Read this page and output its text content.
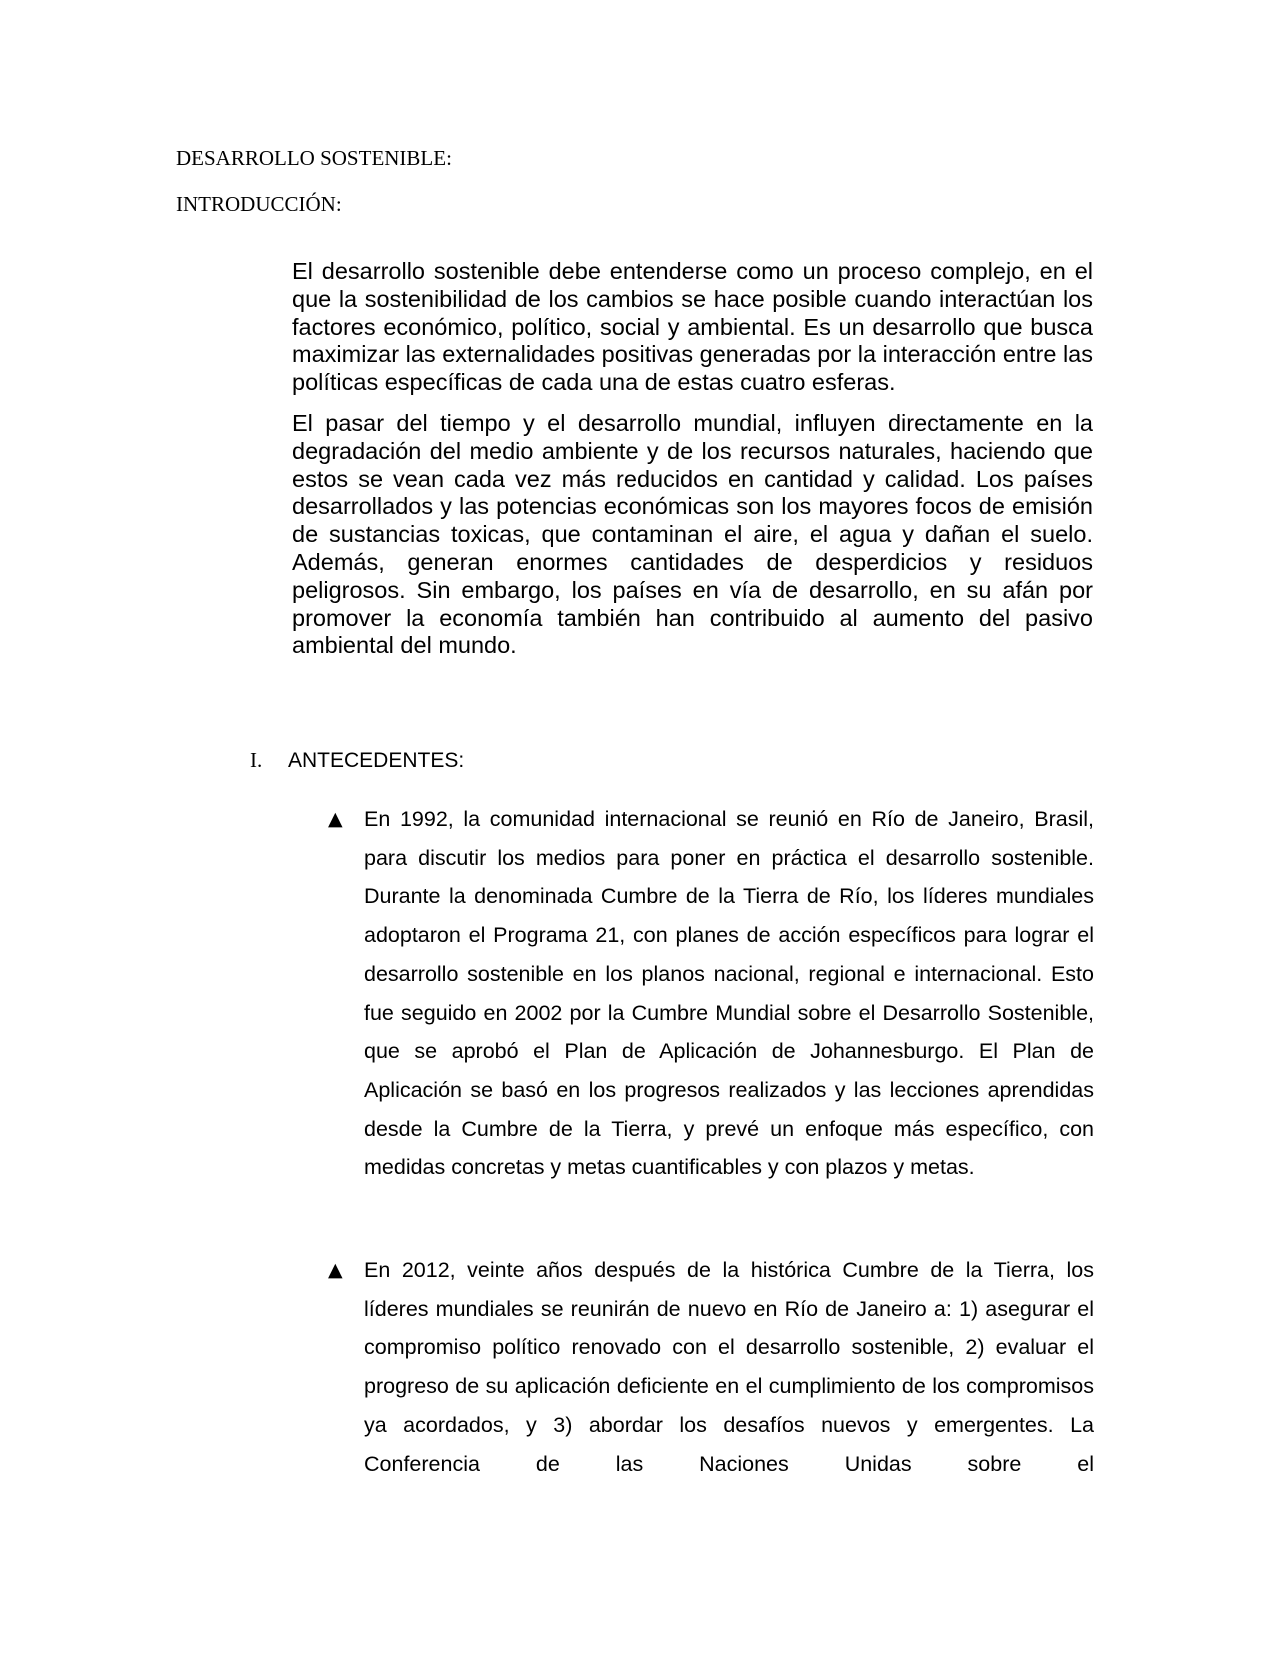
DESARROLLO SOSTENIBLE:
INTRODUCCIÓN:

El desarrollo sostenible debe entenderse como un proceso complejo, en el que la sostenibilidad de los cambios se hace posible cuando interactúan los factores económico, político, social y ambiental. Es un desarrollo que busca maximizar las externalidades positivas generadas por la interacción entre las políticas específicas de cada una de estas cuatro esferas.

El pasar del tiempo y el desarrollo mundial, influyen directamente en la degradación del medio ambiente y de los recursos naturales, haciendo que estos se vean cada vez más reducidos en cantidad y calidad. Los países desarrollados y las potencias económicas son los mayores focos de emisión de sustancias toxicas, que contaminan el aire, el agua y dañan el suelo. Además, generan enormes cantidades de desperdicios y residuos peligrosos. Sin embargo, los países en vía de desarrollo, en su afán por promover la economía también han contribuido al aumento del pasivo ambiental del mundo.

I. ANTECEDENTES:
▲ En 1992, la comunidad internacional se reunió en Río de Janeiro, Brasil, para discutir los medios para poner en práctica el desarrollo sostenible. Durante la denominada Cumbre de la Tierra de Río, los líderes mundiales adoptaron el Programa 21, con planes de acción específicos para lograr el desarrollo sostenible en los planos nacional, regional e internacional. Esto fue seguido en 2002 por la Cumbre Mundial sobre el Desarrollo Sostenible, que se aprobó el Plan de Aplicación de Johannesburgo. El Plan de Aplicación se basó en los progresos realizados y las lecciones aprendidas desde la Cumbre de la Tierra, y prevé un enfoque más específico, con medidas concretas y metas cuantificables y con plazos y metas.
▲ En 2012, veinte años después de la histórica Cumbre de la Tierra, los líderes mundiales se reunirán de nuevo en Río de Janeiro a: 1) asegurar el compromiso político renovado con el desarrollo sostenible, 2) evaluar el progreso de su aplicación deficiente en el cumplimiento de los compromisos ya acordados, y 3) abordar los desafíos nuevos y emergentes. La Conferencia de las Naciones Unidas sobre el
